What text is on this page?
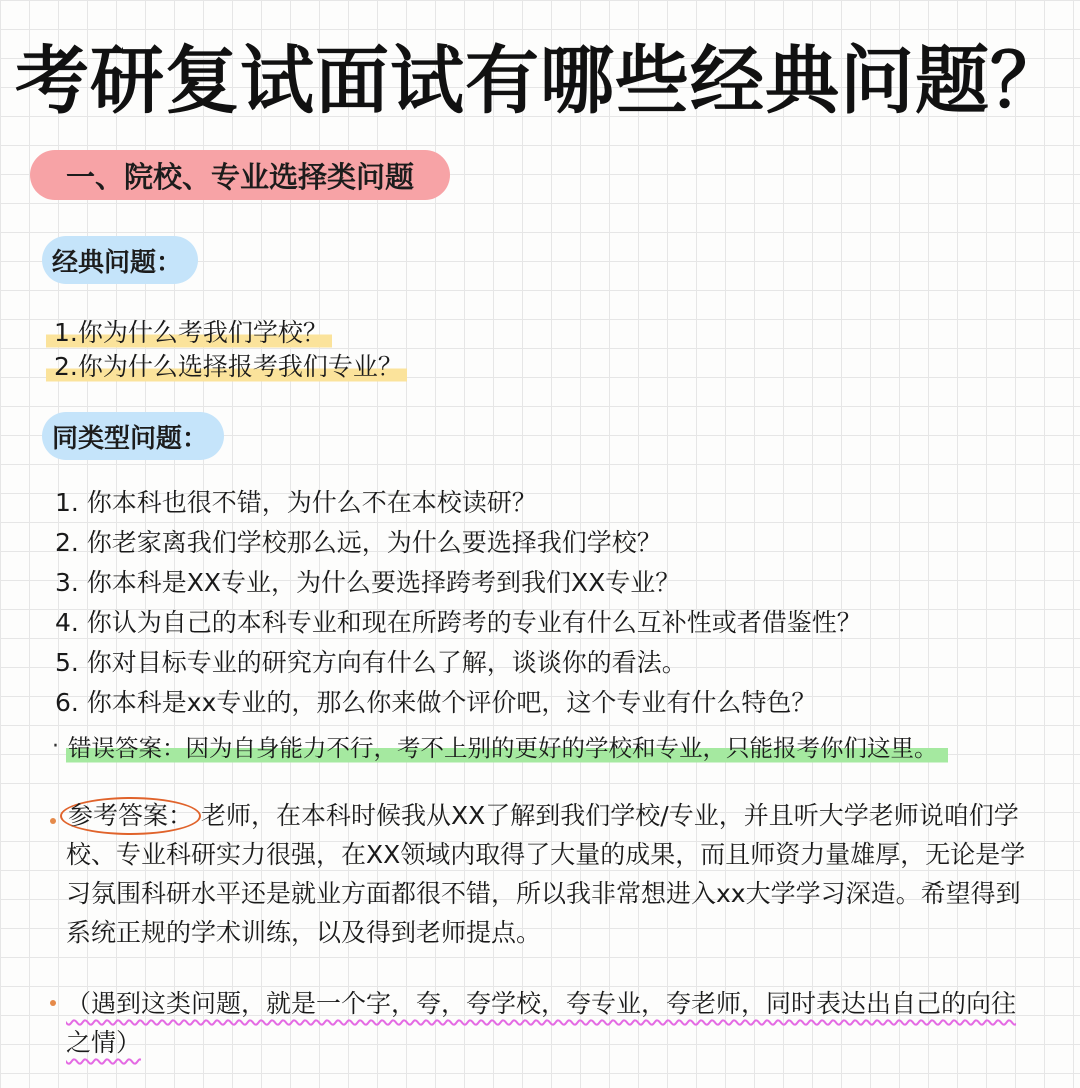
考研复试面试有哪些经典问题？
一、院校、专业选择类问题
经典问题：
1.你为什么考我们学校？
2.你为什么选择报考我们专业？
同类型问题：
1. 你本科也很不错，为什么不在本校读研？
2. 你老家离我们学校那么远，为什么要选择我们学校？
3. 你本科是XX专业，为什么要选择跨考到我们XX专业？
4. 你认为自己的本科专业和现在所跨考的专业有什么互补性或者借鉴性？
5. 你对目标专业的研究方向有什么了解，谈谈你的看法。
6. 你本科是xx专业的，那么你来做个评价吧，这个专业有什么特色？
· 错误答案：因为自身能力不行，考不上别的更好的学校和专业，只能报考你们这里。
参考答案： 老师，在本科时候我从XX了解到我们学校/专业，并且听大学老师说咱们学校、专业科研实力很强，在XX领域内取得了大量的成果，而且师资力量雄厚，无论是学习氛围科研水平还是就业方面都很不错，所以我非常想进入xx大学学习深造。希望得到系统正规的学术训练，以及得到老师提点。
（遇到这类问题，就是一个字，夸，夸学校，夸专业，夸老师，同时表达出自己的向往之情）
